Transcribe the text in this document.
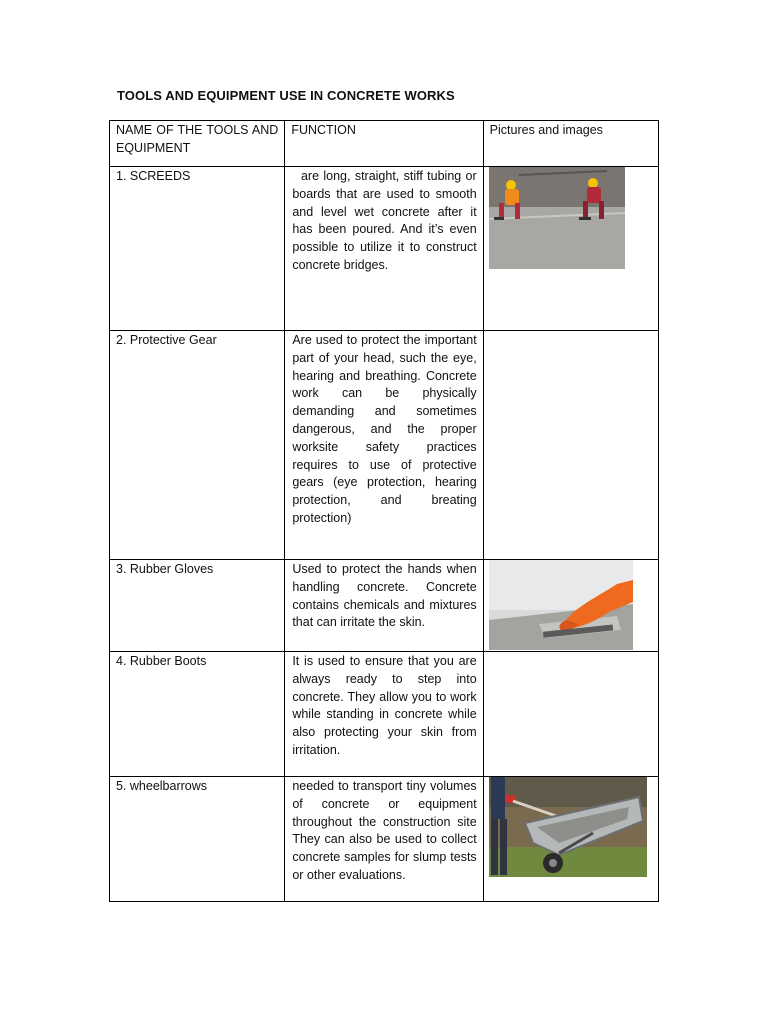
TOOLS AND EQUIPMENT USE IN CONCRETE WORKS
NAME OF THE TOOLS AND EQUIPMENT	FUNCTION	Pictures and images

1. SCREEDS	are long, straight, stiff tubing or boards that are used to smooth and level wet concrete after it has been poured. And it’s even possible to utilize it to construct concrete bridges.

2. Protective Gear	Are used to protect the important part of your head, such the eye, hearing and breathing. Concrete work can be physically demanding and sometimes dangerous, and the proper worksite safety practices requires to use of protective gears (eye protection, hearing protection, and breating protection)	

3. Rubber Gloves	Used to protect the hands when handling concrete. Concrete contains chemicals and mixtures that can irritate the skin.

4. Rubber Boots	It is used to ensure that you are always ready to step into concrete. They allow you to work while standing in concrete while also protecting your skin from irritation.	

5. wheelbarrows	needed to transport tiny volumes of concrete or equipment throughout the construction site They can also be used to collect concrete samples for slump tests or other evaluations.
